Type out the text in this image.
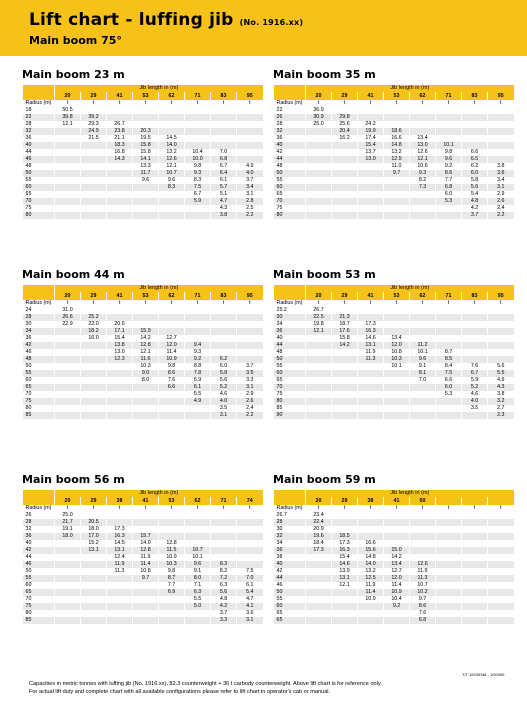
Lift chart - luffing jib (No. 1916.xx)
Main boom 75°
Main boom 23 m
	Jib length in (m)							
	20	29	41	53	62	71	83	95
Radius (m)	t	t	t	t	t	t	t	t
18	50.5							
22	39.8	39.2						
28	12.1	29.3	26.7					
32		24.9	23.8	20.3				
36		21.5	21.1	19.5	14.5			
40			18.3	15.8	14.0			
44			16.8	15.8	13.2	10.4	7.0	
46			14.3	14.1	12.6	10.0	6.8	
48				13.3	12.1	9.8	6.7	4.9
50				11.7	10.7	9.3	6.4	4.0
55				9.6	9.6	8.3	6.1	3.7
60					8.3	7.5	5.7	3.4
65						6.7	5.1	3.1
70						5.9	4.7	2.8
75							4.3	2.5
80							3.8	2.2
Main boom 35 m
	Jib length in (m)							
	20	29	41	53	62	71	83	95
Radius (m)	t	t	t	t	t	t	t	t
22	36.9							
26	30.9	29.8						
28	25.0	25.6	24.2					
32		20.4	19.9	18.6				
36		16.2	17.4	16.6	13.4			
40			15.4	14.8	13.0	10.1		
42			13.7	13.2	12.6	9.8	6.6	
44			13.0	12.5	12.1	9.6	6.5	
48				11.0	10.6	9.2	6.2	3.8
50				9.7	9.3	8.6	6.0	3.6
55					8.2	7.7	5.8	3.4
60					7.3	6.8	5.6	3.1
65						6.0	5.4	2.9
70						5.3	4.8	2.6
75							4.2	2.4
80							3.7	2.2
Main boom 44 m
	Jib length in (m)							
	20	29	41	53	62	71	83	95
Radius (m)	t	t	t	t	t	t	t	t
24	31.0							
28	26.6	25.2						
30	22.9	22.0	20.6					
34		18.2	17.1	15.9				
36		16.0	15.4	14.2	12.7			
42			13.8	12.8	12.0	9.4		
46			13.0	12.1	11.4	9.3		
48			12.3	11.6	10.9	9.2	6.2	
50				10.3	9.8	8.8	6.0	3.7
55				9.0	8.6	7.8	5.8	3.5
60				8.0	7.6	6.9	5.6	3.3
65					6.6	6.1	5.2	3.1
70						5.5	4.6	2.9
75						4.9	4.0	2.6
80							3.5	2.4
85							3.1	2.2
Main boom 53 m
	Jib length in (m)							
	20	29	41	53	62	71	83	95
Radius (m)	t	t	t	t	t	t	t	t
25.2	26.7							
30	22.5	21.3						
34	19.8	18.7	17.3					
36	12.1	17.6	16.3					
40		15.8	14.6	13.4				
44		14.2	13.1	12.0	11.2			
48			11.9	10.8	10.1	8.7		
50			11.3	10.3	9.6	8.5		
55				10.1	9.1	8.4	7.6	5.6
60					8.1	7.5	6.7	5.5
65					7.0	6.6	5.9	4.9
70						6.0	5.2	4.3
75						5.3	4.6	3.8
80							4.0	3.2
85							3.5	2.7
90								2.3
Main boom 56 m
	Jib length in (m)							
	20	29	38	41	53	62	71	74
Radius (m)	t	t	t	t	t	t	t	t
26	25.0							
28	21.7	20.5						
32	19.1	18.0	17.3					
36	18.0	17.0	16.3	15.7				
40		15.2	14.5	14.0	12.8			
42		13.1	13.1	12.8	11.5	10.7		
44			12.4	11.9	10.9	10.1		
46			11.9	11.4	10.3	9.6	8.3	
50			11.3	10.8	9.8	9.1	8.2	7.5
55				9.7	8.7	8.0	7.2	7.0
60					7.7	7.1	6.3	6.1
65					6.9	6.3	5.6	5.4
70						5.5	4.8	4.7
75						5.0	4.2	4.1
80							3.7	3.6
85							3.3	3.1
Main boom 59 m
	Jib length in (m)							
	20	29	38	41	50			
Radius (m)	t	t	t	t	t	t	t	t
26.7	23.4							
28	22.4							
30	20.9							
32	19.6	18.5						
34	18.4	17.3	16.6					
36	17.3	16.3	15.6	15.0				
38		15.4	14.8	14.2				
40		14.6	14.0	13.4	12.6			
42		13.9	13.2	12.7	11.9			
44		13.1	12.5	12.0	11.3			
46		12.1	11.9	11.4	10.7			
50			11.4	10.9	10.2			
55			10.9	10.4	9.7			
60				9.2	8.6			
65					7.6			
65					6.8			
T/T 1923/H48 - 1/00000
Capacities in metric tonnes with luffing jib (No. 1916.xx), 82.3 counterweight + 36 t carbody counterweight. Above lift chart is for reference only.
For actual lift duty and complete chart with all available configurations please refer to lift chart in operator's cab or manual.
